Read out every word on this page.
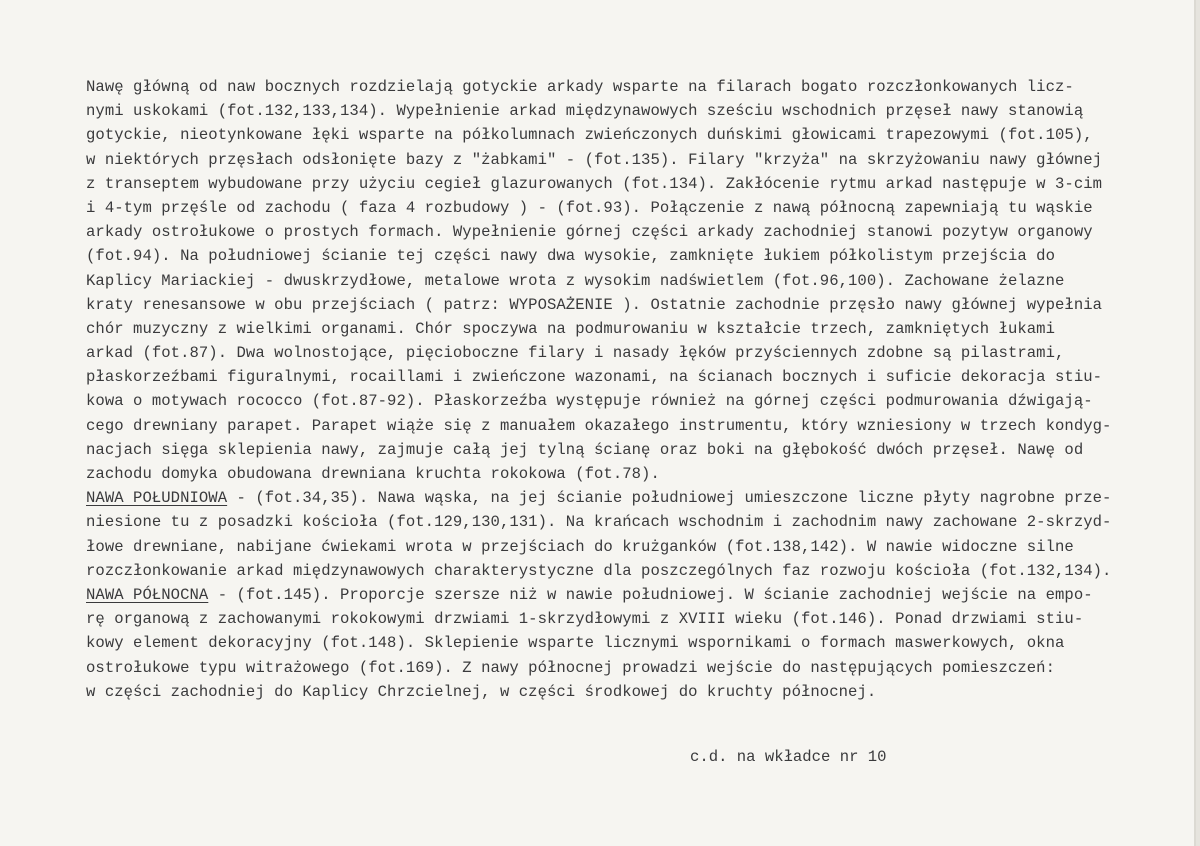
Nawę główną od naw bocznych rozdzielają gotyckie arkady wsparte na filarach bogato rozczłonkowanych licz-
nymi uskokami (fot.132,133,134). Wypełnienie arkad międzynawowych sześciu wschodnich przęseł nawy stanowią
gotyckie, nieotynkowane łęki wsparte na półkolumnach zwieńczonych duńskimi głowicami trapezowymi (fot.105),
w niektórych przęsłach odsłonięte bazy z "żabkami" - (fot.135). Filary "krzyża" na skrzyżowaniu nawy głównej
z transeptem wybudowane przy użyciu cegieł glazurowanych (fot.134). Zakłócenie rytmu arkad następuje w 3-cim
i 4-tym przęśle od zachodu ( faza 4 rozbudowy ) - (fot.93). Połączenie z nawą północną zapewniają tu wąskie
arkady ostrołukowe o prostych formach. Wypełnienie górnej części arkady zachodniej stanowi pozytyw organowy
(fot.94). Na południowej ścianie tej części nawy dwa wysokie, zamknięte łukiem półkolistym przejścia do
Kaplicy Mariackiej - dwuskrzydłowe, metalowe wrota z wysokim nadświetlem (fot.96,100). Zachowane żelazne
kraty renesansowe w obu przejściach ( patrz: WYPOSAŻENIE ). Ostatnie zachodnie przęsło nawy głównej wypełnia
chór muzyczny z wielkimi organami. Chór spoczywa na podmurowaniu w kształcie trzech, zamkniętych łukami
arkad (fot.87). Dwa wolnostojące, pięcioboczne filary i nasady łęków przyściennych zdobne są pilastrami,
płaskorzeźbami figuralnymi, rocaillami i zwieńczone wazonami, na ścianach bocznych i suficie dekoracja stiu-
kowa o motywach rococco (fot.87-92). Płaskorzeźba występuje również na górnej części podmurowania dźwigają-
cego drewniany parapet. Parapet wiąże się z manuałem okazałego instrumentu, który wzniesiony w trzech kondyg-
nacjach sięga sklepienia nawy, zajmuje całą jej tylną ścianę oraz boki na głębokość dwóch przęseł. Nawę od
zachodu domyka obudowana drewniana kruchta rokokowa (fot.78).
NAWA POŁUDNIOWA - (fot.34,35). Nawa wąska, na jej ścianie południowej umieszczone liczne płyty nagrobne prze-
niesione tu z posadzki kościoła (fot.129,130,131). Na krańcach wschodnim i zachodnim nawy zachowane 2-skrzyd-
łowe drewniane, nabijane ćwiekami wrota w przejściach do krużganków (fot.138,142). W nawie widoczne silne
rozczłonkowanie arkad międzynawowych charakterystyczne dla poszczególnych faz rozwoju kościoła (fot.132,134).
NAWA PÓŁNOCNA - (fot.145). Proporcje szersze niż w nawie południowej. W ścianie zachodniej wejście na empo-
rę organową z zachowanymi rokokowymi drzwiami 1-skrzydłowymi z XVIII wieku (fot.146). Ponad drzwiami stiu-
kowy element dekoracyjny (fot.148). Sklepienie wsparte licznymi wspornikami o formach maswerkowych, okna
ostrołukowe typu witrażowego (fot.169). Z nawy północnej prowadzi wejście do następujących pomieszczeń:
w części zachodniej do Kaplicy Chrzcielnej, w części środkowej do kruchty północnej.
c.d. na wkładce nr 10
